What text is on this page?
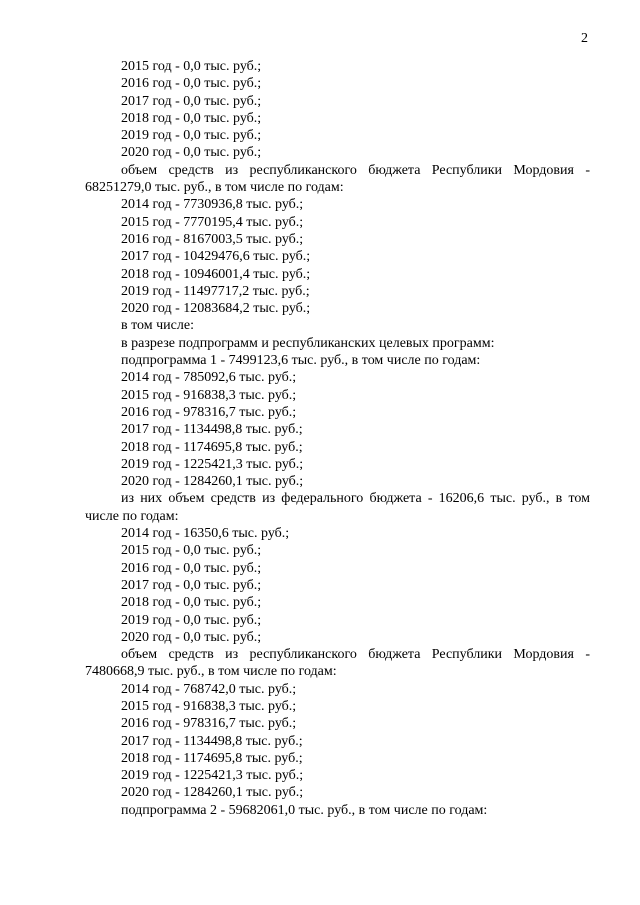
2
2015 год - 0,0 тыс. руб.;
2016 год - 0,0 тыс. руб.;
2017 год - 0,0 тыс. руб.;
2018 год - 0,0 тыс. руб.;
2019 год - 0,0 тыс. руб.;
2020 год - 0,0 тыс. руб.;
объем средств из республиканского бюджета Республики Мордовия - 68251279,0 тыс. руб., в том числе по годам:
2014 год - 7730936,8 тыс. руб.;
2015 год - 7770195,4 тыс. руб.;
2016 год - 8167003,5 тыс. руб.;
2017 год - 10429476,6 тыс. руб.;
2018 год - 10946001,4 тыс. руб.;
2019 год - 11497717,2 тыс. руб.;
2020 год - 12083684,2 тыс. руб.;
в том числе:
в разрезе подпрограмм и республиканских целевых программ:
подпрограмма 1 - 7499123,6 тыс. руб., в том числе по годам:
2014 год - 785092,6 тыс. руб.;
2015 год - 916838,3 тыс. руб.;
2016 год - 978316,7 тыс. руб.;
2017 год - 1134498,8 тыс. руб.;
2018 год - 1174695,8 тыс. руб.;
2019 год - 1225421,3 тыс. руб.;
2020 год - 1284260,1 тыс. руб.;
из них объем средств из федерального бюджета - 16206,6 тыс. руб., в том числе по годам:
2014 год - 16350,6 тыс. руб.;
2015 год - 0,0 тыс. руб.;
2016 год - 0,0 тыс. руб.;
2017 год - 0,0 тыс. руб.;
2018 год - 0,0 тыс. руб.;
2019 год - 0,0 тыс. руб.;
2020 год - 0,0 тыс. руб.;
объем средств из республиканского бюджета Республики Мордовия - 7480668,9 тыс. руб., в том числе по годам:
2014 год - 768742,0 тыс. руб.;
2015 год - 916838,3 тыс. руб.;
2016 год - 978316,7 тыс. руб.;
2017 год - 1134498,8 тыс. руб.;
2018 год - 1174695,8 тыс. руб.;
2019 год - 1225421,3 тыс. руб.;
2020 год - 1284260,1 тыс. руб.;
подпрограмма 2 - 59682061,0 тыс. руб., в том числе по годам:
